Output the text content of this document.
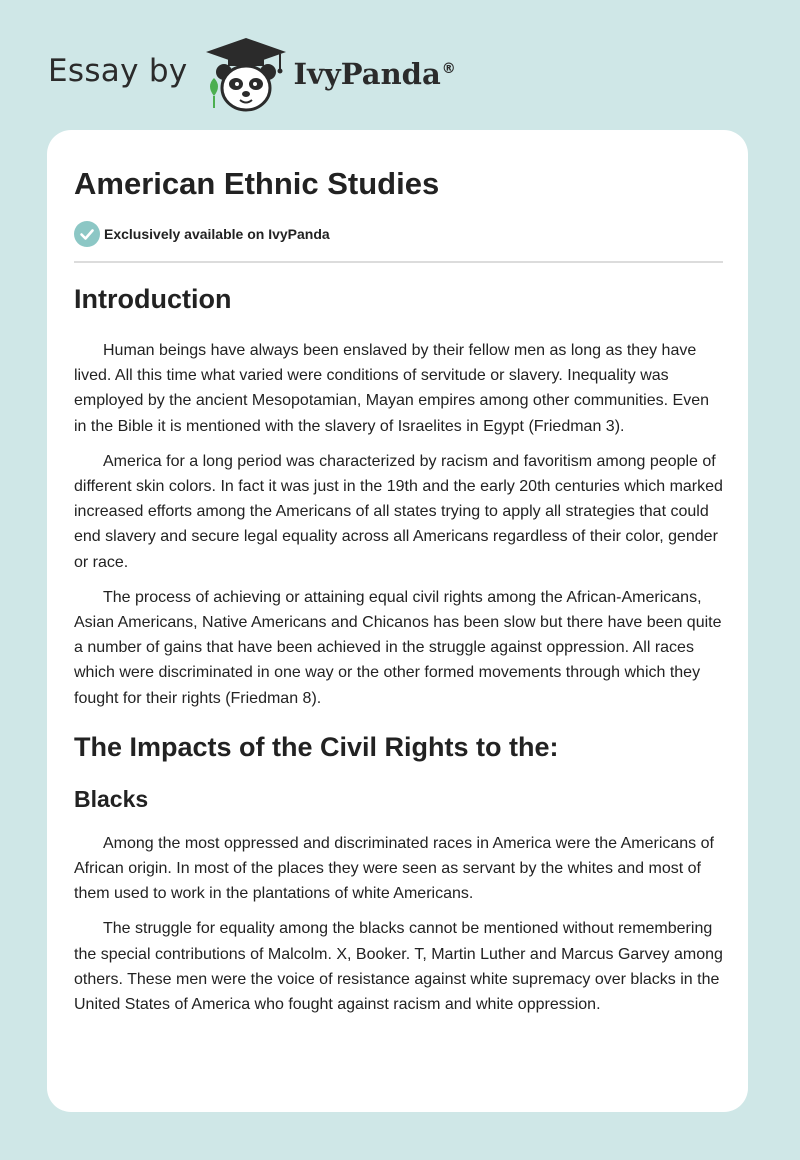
Essay by	IvyPanda®
American Ethnic Studies
Exclusively available on IvyPanda
Introduction

Human beings have always been enslaved by their fellow men as long as they have lived. All this time what varied were conditions of servitude or slavery. Inequality was employed by the ancient Mesopotamian, Mayan empires among other communities. Even in the Bible it is mentioned with the slavery of Israelites in Egypt (Friedman 3).

America for a long period was characterized by racism and favoritism among people of different skin colors. In fact it was just in the 19th and the early 20th centuries which marked increased efforts among the Americans of all states trying to apply all strategies that could end slavery and secure legal equality across all Americans regardless of their color, gender or race.

The process of achieving or attaining equal civil rights among the African-Americans, Asian Americans, Native Americans and Chicanos has been slow but there have been quite a number of gains that have been achieved in the struggle against oppression. All races which were discriminated in one way or the other formed movements through which they fought for their rights (Friedman 8).

The Impacts of the Civil Rights to the:
Blacks

Among the most oppressed and discriminated races in America were the Americans of African origin. In most of the places they were seen as servant by the whites and most of them used to work in the plantations of white Americans.

The struggle for equality among the blacks cannot be mentioned without remembering the special contributions of Malcolm. X, Booker. T, Martin Luther and Marcus Garvey among others. These men were the voice of resistance against white supremacy over blacks in the United States of America who fought against racism and white oppression.
